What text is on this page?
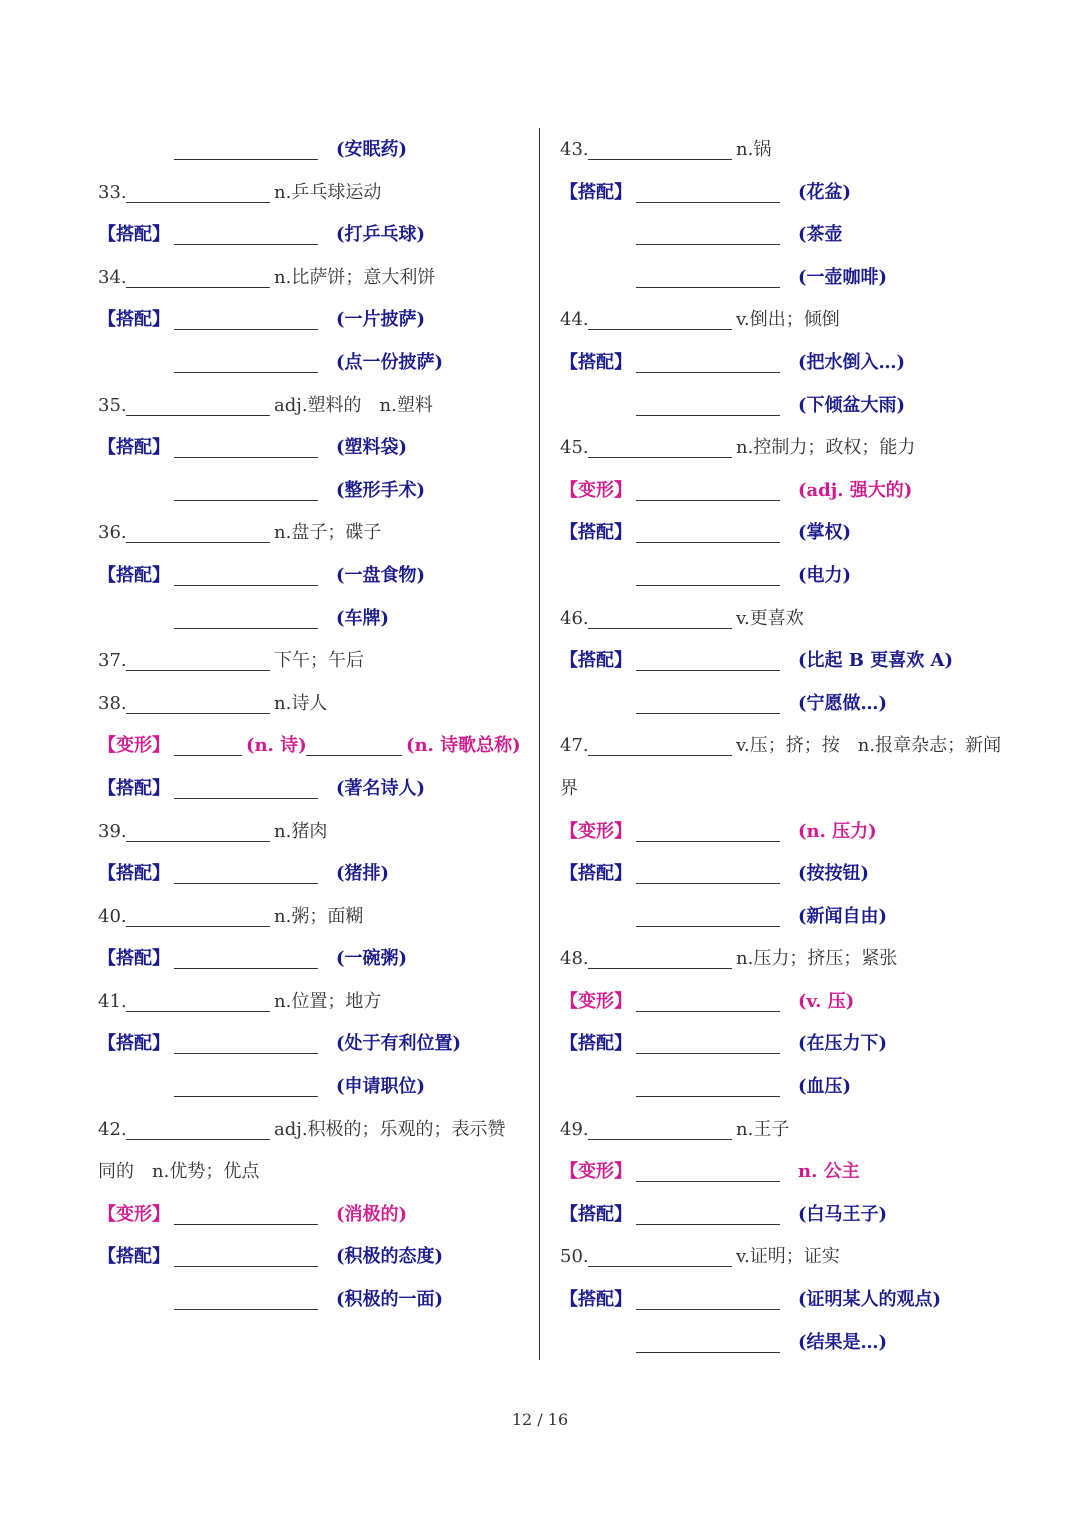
(安眠药)
33.	n.乒乓球运动
【搭配】	(打乒乓球)
34.	n.比萨饼；意大利饼
【搭配】	(一片披萨)
(点一份披萨)
35.	adj.塑料的　n.塑料
【搭配】	(塑料袋)
(整形手术)
36.	n.盘子；碟子
【搭配】	(一盘食物)
(车牌)
37.	下午；午后
38.	n.诗人
【变形】	(n. 诗)	(n. 诗歌总称)
【搭配】	(著名诗人)
39.	n.猪肉
【搭配】	(猪排)
40.	n.粥；面糊
【搭配】	(一碗粥)
41.	n.位置；地方
【搭配】	(处于有利位置)
(申请职位)
42.	adj.积极的；乐观的；表示赞
同的　n.优势；优点
【变形】	(消极的)
【搭配】	(积极的态度)
(积极的一面)
43.	n.锅
【搭配】	(花盆)
(茶壶
(一壶咖啡)
44.	v.倒出；倾倒
【搭配】	(把水倒入…)
(下倾盆大雨)
45.	n.控制力；政权；能力
【变形】	(adj. 强大的)
【搭配】	(掌权)
(电力)
46.	v.更喜欢
【搭配】	(比起 B 更喜欢 A)
(宁愿做…)
47.	v.压；挤；按　n.报章杂志；新闻
界
【变形】	(n. 压力)
【搭配】	(按按钮)
(新闻自由)
48.	n.压力；挤压；紧张
【变形】	(v. 压)
【搭配】	(在压力下)
(血压)
49.	n.王子
【变形】	n. 公主
【搭配】	(白马王子)
50.	v.证明；证实
【搭配】	(证明某人的观点)
(结果是…)
12 / 16
